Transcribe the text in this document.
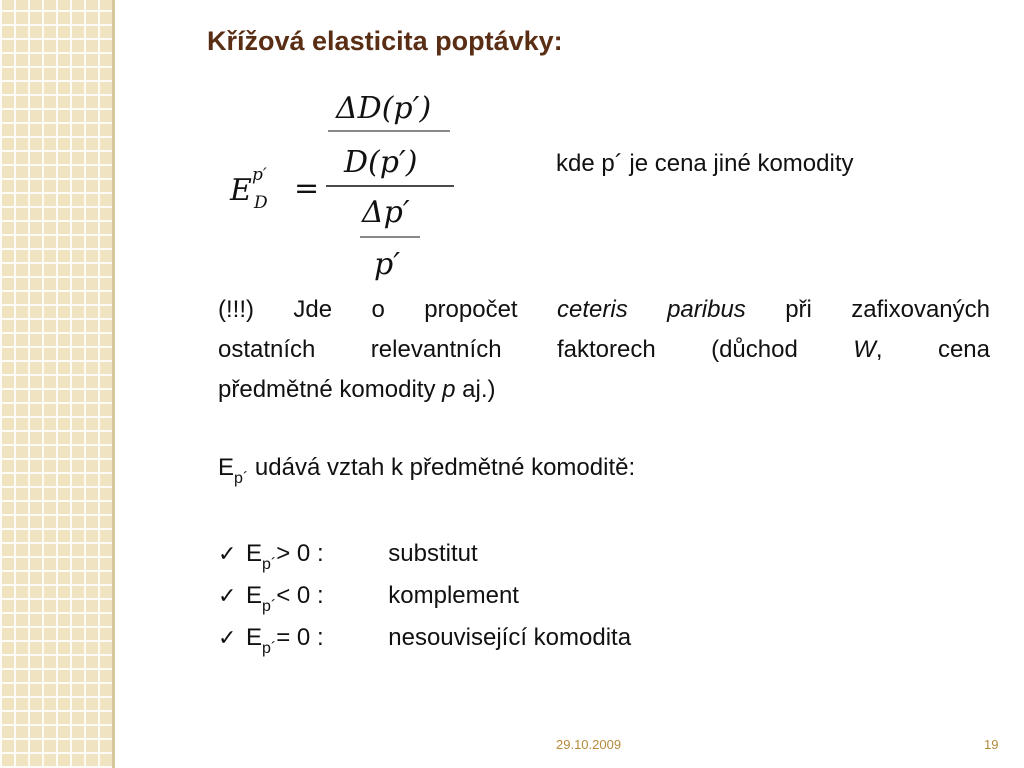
Křížová elasticita poptávky:
E p′
D =
ΔD(p′)
D(p′)
Δp′
p′
kde p´ je cena jiné komodity

(!!!) Jde o propočet ceteris paribus při zafixovaných
ostatních relevantních faktorech (důchod W, cena
předmětné komodity p aj.)

$E_{p´}$ udává vztah k předmětné komoditě:
✓ $E_{p´}> 0$ :	substitut
✓ $E_{p´}< 0$ :	komplement
✓ $E_{p´}= 0$ :	nesouvisející komodita
29.10.2009	19
